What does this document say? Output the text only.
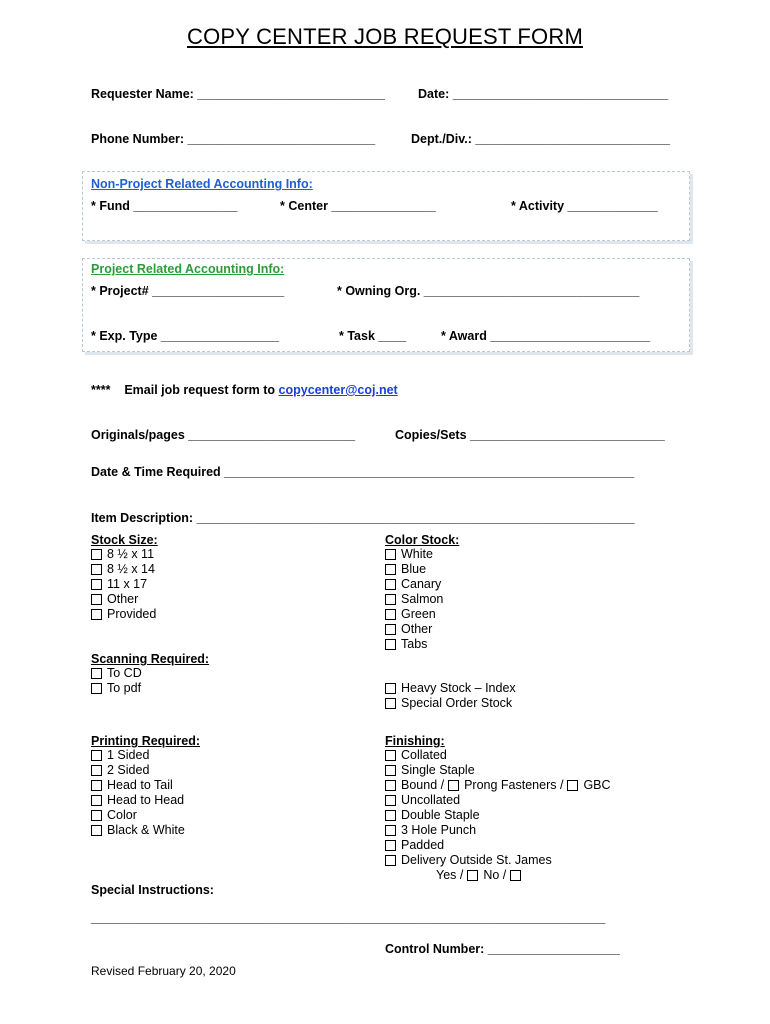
COPY CENTER JOB REQUEST FORM
Requester Name: ___________________________	Date: _______________________________
Phone Number: ___________________________	Dept./Div.: ____________________________
Non-Project Related Accounting Info:
* Fund _______________	* Center _______________	* Activity _____________
Project Related Accounting Info:
* Project# ___________________	* Owning Org. _______________________________
* Exp. Type _________________	* Task ____	* Award _______________________
****    Email job request form to copycenter@coj.net
Originals/pages ________________________	Copies/Sets ____________________________
Date & Time Required ___________________________________________________________
Item Description: _______________________________________________________________
Stock Size:
8 ½ x 11
8 ½ x 14
11 x 17
Other
Provided
Color Stock:
White
Blue
Canary
Salmon
Green
Other
Tabs
Scanning Required:
To CD
To pdf	Heavy Stock – Index
Special Order Stock
Printing Required:
1 Sided
2 Sided
Head to Tail
Head to Head
Color
Black & White
Finishing:
Collated
Single Staple
Bound / Prong Fasteners / GBC
Uncollated
Double Staple
3 Hole Punch
Padded
Delivery Outside St. James
Yes / No /
Special Instructions:
__________________________________________________________________________
Control Number: ___________________
Revised February 20, 2020
